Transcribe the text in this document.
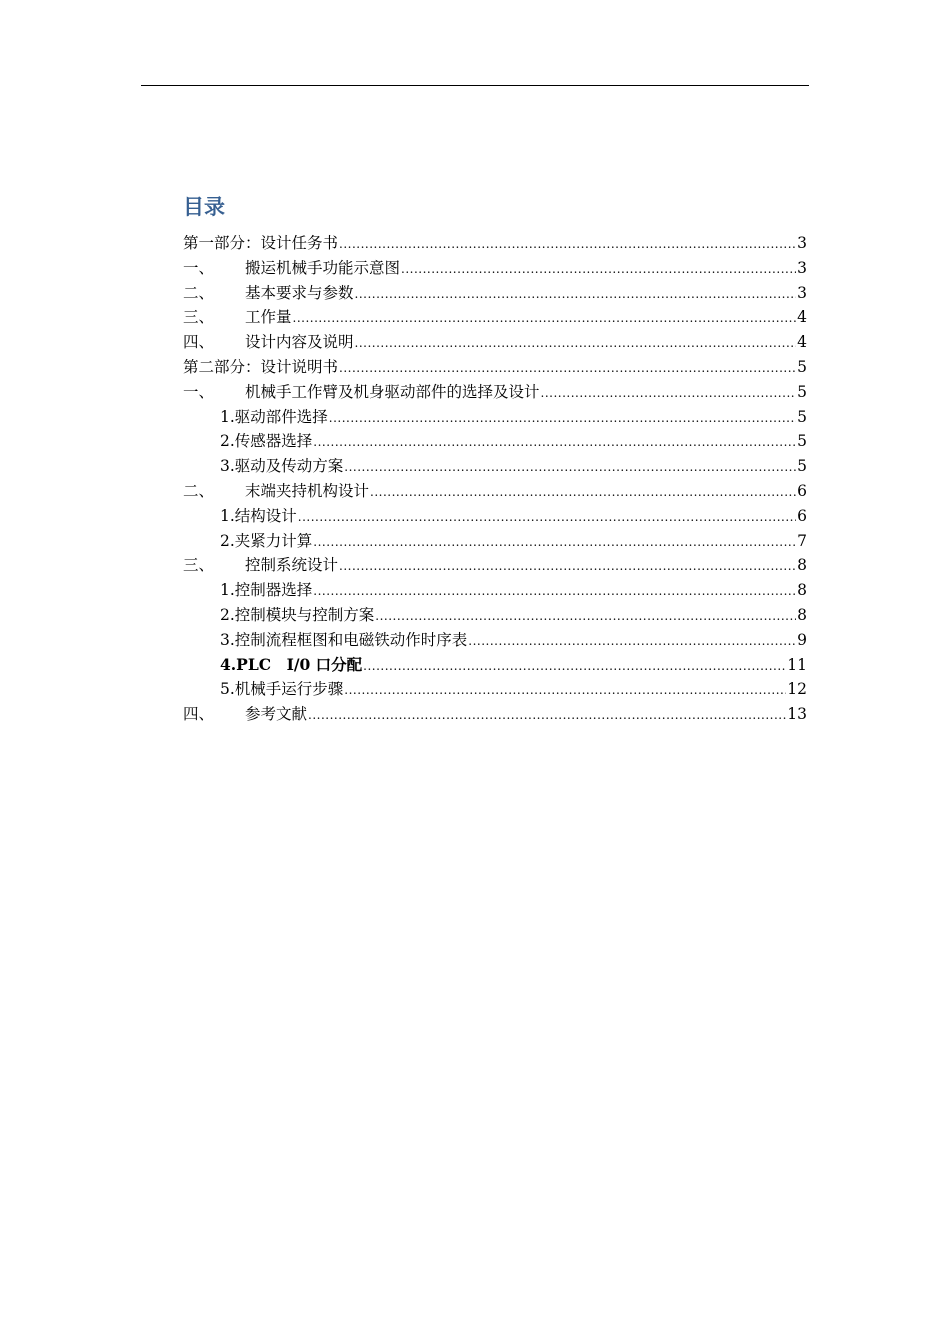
目录
第一部分：设计任务书 .....	3
一、	搬运机械手功能示意图 .....	3
二、	基本要求与参数 .....	3
三、	工作量 .....	4
四、	设计内容及说明 .....	4
第二部分：设计说明书 .....	5
一、	机械手工作臂及机身驱动部件的选择及设计 .....	5
1.驱动部件选择 .....	5
2.传感器选择 .....	5
3.驱动及传动方案 .....	5
二、	末端夹持机构设计 .....	6
1.结构设计 .....	6
2.夹紧力计算 .....	7
三、	控制系统设计 .....	8
1.控制器选择 .....	8
2.控制模块与控制方案 .....	8
3.控制流程框图和电磁铁动作时序表 .....	9
4.PLC　I/0 口分配 .....	11
5.机械手运行步骤 .....	12
四、	参考文献 .....	13
